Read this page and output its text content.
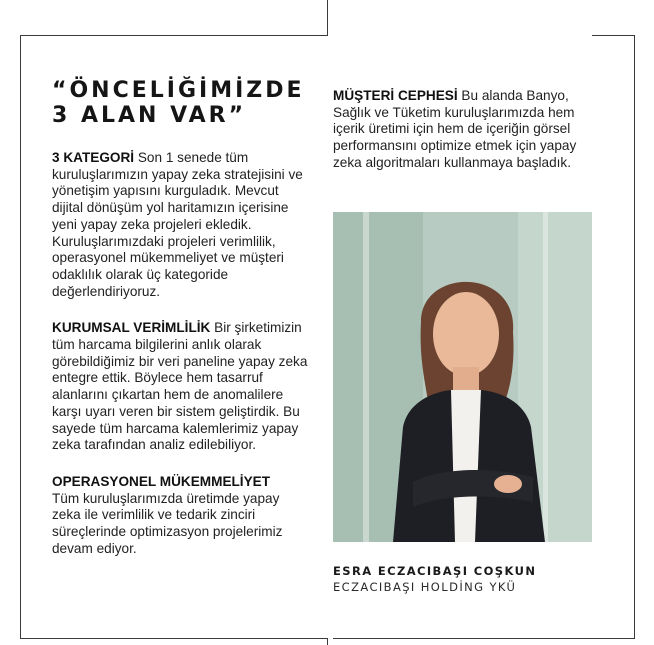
“ÖNCELİĞİMİZDE
3 ALAN VAR”

3 KATEGORİ Son 1 senede tüm kuruluşlarımızın yapay zeka stratejisini ve yönetişim yapısını kurguladık. Mevcut dijital dönüşüm yol haritamızın içerisine yeni yapay zeka projeleri ekledik. Kuruluşlarımızdaki projeleri verimlilik, operasyonel mükemmeliyet ve müşteri odaklılık olarak üç kategoride değerlendiriyoruz.

KURUMSAL VERİMLİLİK Bir şirketimizin tüm harcama bilgilerini anlık olarak görebildiğimiz bir veri paneline yapay zeka entegre ettik. Böylece hem tasarruf alanlarını çıkartan hem de anomalilere karşı uyarı veren bir sistem geliştirdik. Bu sayede tüm harcama kalemlerimiz yapay zeka tarafından analiz edilebiliyor.

OPERASYONEL MÜKEMMELİYET
Tüm kuruluşlarımızda üretimde yapay zeka ile verimlilik ve tedarik zinciri süreçlerinde optimizasyon projelerimiz devam ediyor.

MÜŞTERİ CEPHESİ Bu alanda Banyo, Sağlık ve Tüketim kuruluşlarımızda hem içerik üretimi için hem de içeriğin görsel performansını optimize etmek için yapay zeka algoritmaları kullanmaya başladık.

ESRA ECZACIBAŞI COŞKUN

ECZACIBAŞI HOLDİNG YKÜ
